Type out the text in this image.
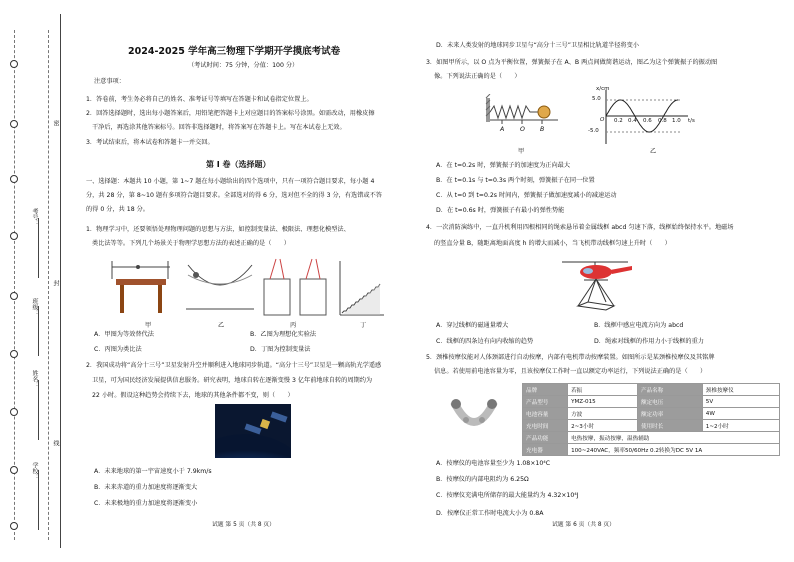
学校：
姓名：
班级：
考号：
密
封
线
2024-2025 学年高三物理下学期开学摸底考试卷
（考试时间：75 分钟，分值：100 分）
注意事项：
1．答卷前，考生务必将自己的姓名、准考证号等填写在答题卡和试卷指定位置上。
2．回答选择题时，选出每小题答案后，用铅笔把答题卡上对应题目的答案标号涂黑。如需改动，用橡皮擦
干净后，再选涂其他答案标号。回答非选择题时，将答案写在答题卡上。写在本试卷上无效。
3．考试结束后，将本试卷和答题卡一并交回。
第 I 卷（选择题）
一、选择题：本题共 10 小题，第 1~7 题在每小题给出的四个选项中，只有一项符合题目要求，每小题 4
分，共 28 分，第 8~10 题有多项符合题目要求。全部选对的得 6 分，选对但不全的得 3 分，有选错或不答
的得 0 分，共 18 分。
1．物理学习中，还要领悟处理物理问题的思想与方法，如控制变量法、极限法、理想化模型法、
类比法等等。下列几个场景关于物理学思想方法的表述正确的是（　　）
甲	乙	丙	丁
A．甲图为等效替代法	B．乙图为理想化实验法
C．丙图为类比法	D．丁图为控制变量法
2．我国成功将“高分十三号”卫星发射升空并顺利进入地球同步轨道。“高分十三号”卫星是一颗高轨光学遥感
卫星，可为国民经济发展提供信息服务。研究表明，地球自转在逐渐变慢 3 亿年前地球自转的周期约为
22 小时。假设这种趋势会持续下去，地球的其他条件都不变，则（　　）
A．未来地球的第一宇宙速度小于 7.9km/s
B．未来赤道的重力加速度将逐渐变大
C．未来极地的重力加速度将逐渐变小
试题 第 5 页（共 8 页）
D．未来人类发射的地球同步卫星与“高分十三号”卫星相比轨道半径将变小
3．如图甲所示，以 O 点为平衡位置，弹簧振子在 A、B 两点间做简谐运动，图乙为这个弹簧振子的振动图
像。下列说法正确的是（　　）
A	O B
x/cm
5.0
-5.0
O 0.2 0.4 0.6 0.8 1.0 t/s
甲	乙
A．在 t=0.2s 时，弹簧振子的加速度为正向最大
B．在 t=0.1s 与 t=0.3s 两个时刻，弹簧振子在同一位置
C．从 t=0 到 t=0.2s 时间内，弹簧振子做加速度减小的减速运动
D．在 t=0.6s 时，弹簧振子有最小的弹性势能
4．一次消防演练中，一直升机利用四根相同的绳索悬吊着金属线框 abcd 匀速下落，线框始终保持水平。地磁场
的竖直分量 B，随距离地面高度 h 的增大而减小，当飞机带动线框匀速上升时（　　）
A．穿过线框的磁通量增大	B．线框中感应电流方向为 abcd
C．线框的四条边有向内收缩的趋势	D．绳索对线框的作用力小于线框的重力
5．颈椎按摩仪能对人体颈部进行自动按摩，内部有电机带动按摩装置。如图所示是某颈椎按摩仪及其铭牌
信息。若使用前电池容量为零，且该按摩仪工作时一直以额定功率运行，下列说法正确的是（　　）
品牌	若振	产品名称	颈椎按摩仪
产品型号	YMZ-015	额定电压	5V
电池容量	方波	额定功率	4W
充电时间	2~3小时	使用时长	1~2小时
产品功能	电热按摩，振动按摩，温热辅助		
充电器	100~240VAC，频率50/60Hz 0.2转换为DC 5V 1A		
A．按摩仪的电池容量至少为 1.08×10⁴C
B．按摩仪的内部电阻约为 6.25Ω
C．按摩仪充满电所储存的最大能量约为 4.32×10⁴J
D．按摩仪正常工作时电流大小为 0.8A
试题 第 6 页（共 8 页）
